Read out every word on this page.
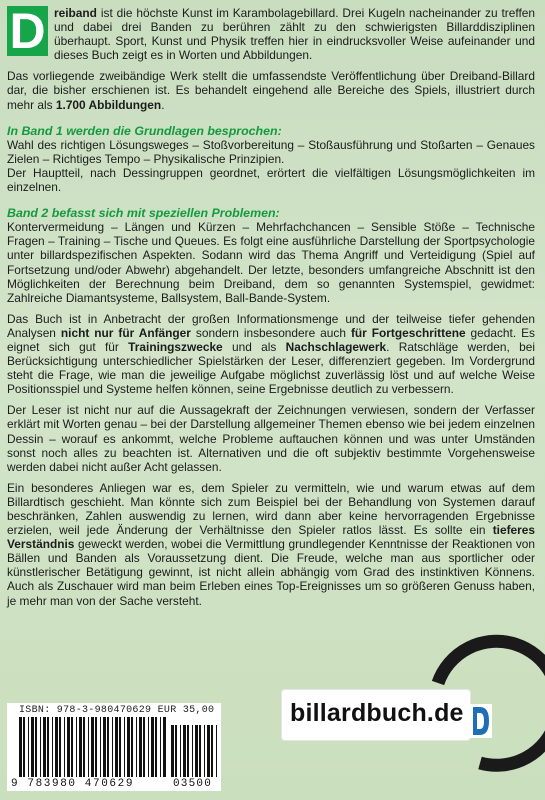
D reiband ist die höchste Kunst im Karambolagebillard. Drei Kugeln nacheinander zu treffen und dabei drei Banden zu berühren zählt zu den schwierigsten Billarddisziplinen überhaupt. Sport, Kunst und Physik treffen hier in eindrucksvoller Weise aufeinander und dieses Buch zeigt es in Worten und Abbildungen.

Das vorliegende zweibändige Werk stellt die umfassendste Veröffentlichung über Dreiband-Billard dar, die bisher erschienen ist. Es behandelt eingehend alle Bereiche des Spiels, illustriert durch mehr als 1.700 Abbildungen.

In Band 1 werden die Grundlagen besprochen:
Wahl des richtigen Lösungsweges – Stoßvorbereitung – Stoßausführung und Stoßarten – Genaues Zielen – Richtiges Tempo – Physikalische Prinzipien.
Der Hauptteil, nach Dessingruppen geordnet, erörtert die vielfältigen Lösungsmöglichkeiten im einzelnen.

Band 2 befasst sich mit speziellen Problemen:
Kontervermeidung – Längen und Kürzen – Mehrfachchancen – Sensible Stöße – Technische Fragen – Training – Tische und Queues. Es folgt eine ausführliche Darstellung der Sportpsychologie unter billardspezifischen Aspekten. Sodann wird das Thema Angriff und Verteidigung (Spiel auf Fortsetzung und/oder Abwehr) abgehandelt. Der letzte, besonders umfangreiche Abschnitt ist den Möglichkeiten der Berechnung beim Dreiband, dem so genannten Systemspiel, gewidmet: Zahlreiche Diamantsysteme, Ballsystem, Ball-Bande-System.

Das Buch ist in Anbetracht der großen Informationsmenge und der teilweise tiefer gehenden Analysen nicht nur für Anfänger sondern insbesondere auch für Fortgeschrittene gedacht. Es eignet sich gut für Trainingszwecke und als Nachschlagewerk. Ratschläge werden, bei Berücksichtigung unterschiedlicher Spielstärken der Leser, differenziert gegeben. Im Vordergrund steht die Frage, wie man die jeweilige Aufgabe möglichst zuverlässig löst und auf welche Weise Positionsspiel und Systeme helfen können, seine Ergebnisse deutlich zu verbessern.

Der Leser ist nicht nur auf die Aussagekraft der Zeichnungen verwiesen, sondern der Verfasser erklärt mit Worten genau – bei der Darstellung allgemeiner Themen ebenso wie bei jedem einzelnen Dessin – worauf es ankommt, welche Probleme auftauchen können und was unter Umständen sonst noch alles zu beachten ist. Alternativen und die oft subjektiv bestimmte Vorgehensweise werden dabei nicht außer Acht gelassen.

Ein besonderes Anliegen war es, dem Spieler zu vermitteln, wie und warum etwas auf dem Billardtisch geschieht. Man könnte sich zum Beispiel bei der Behandlung von Systemen darauf beschränken, Zahlen auswendig zu lernen, wird dann aber keine hervorragenden Ergebnisse erzielen, weil jede Änderung der Verhältnisse den Spieler ratlos lässt. Es sollte ein tieferes Verständnis geweckt werden, wobei die Vermittlung grundlegender Kenntnisse der Reaktionen von Bällen und Banden als Voraussetzung dient. Die Freude, welche man aus sportlicher oder künstlerischer Betätigung gewinnt, ist nicht allein abhängig vom Grad des instinktiven Könnens. Auch als Zuschauer wird man beim Erleben eines Top-Ereignisses um so größeren Genuss haben, je mehr man von der Sache versteht.

billardbuch.de
ISBN: 978-3-980470629 EUR 35,00
9 783980 470629	03500
